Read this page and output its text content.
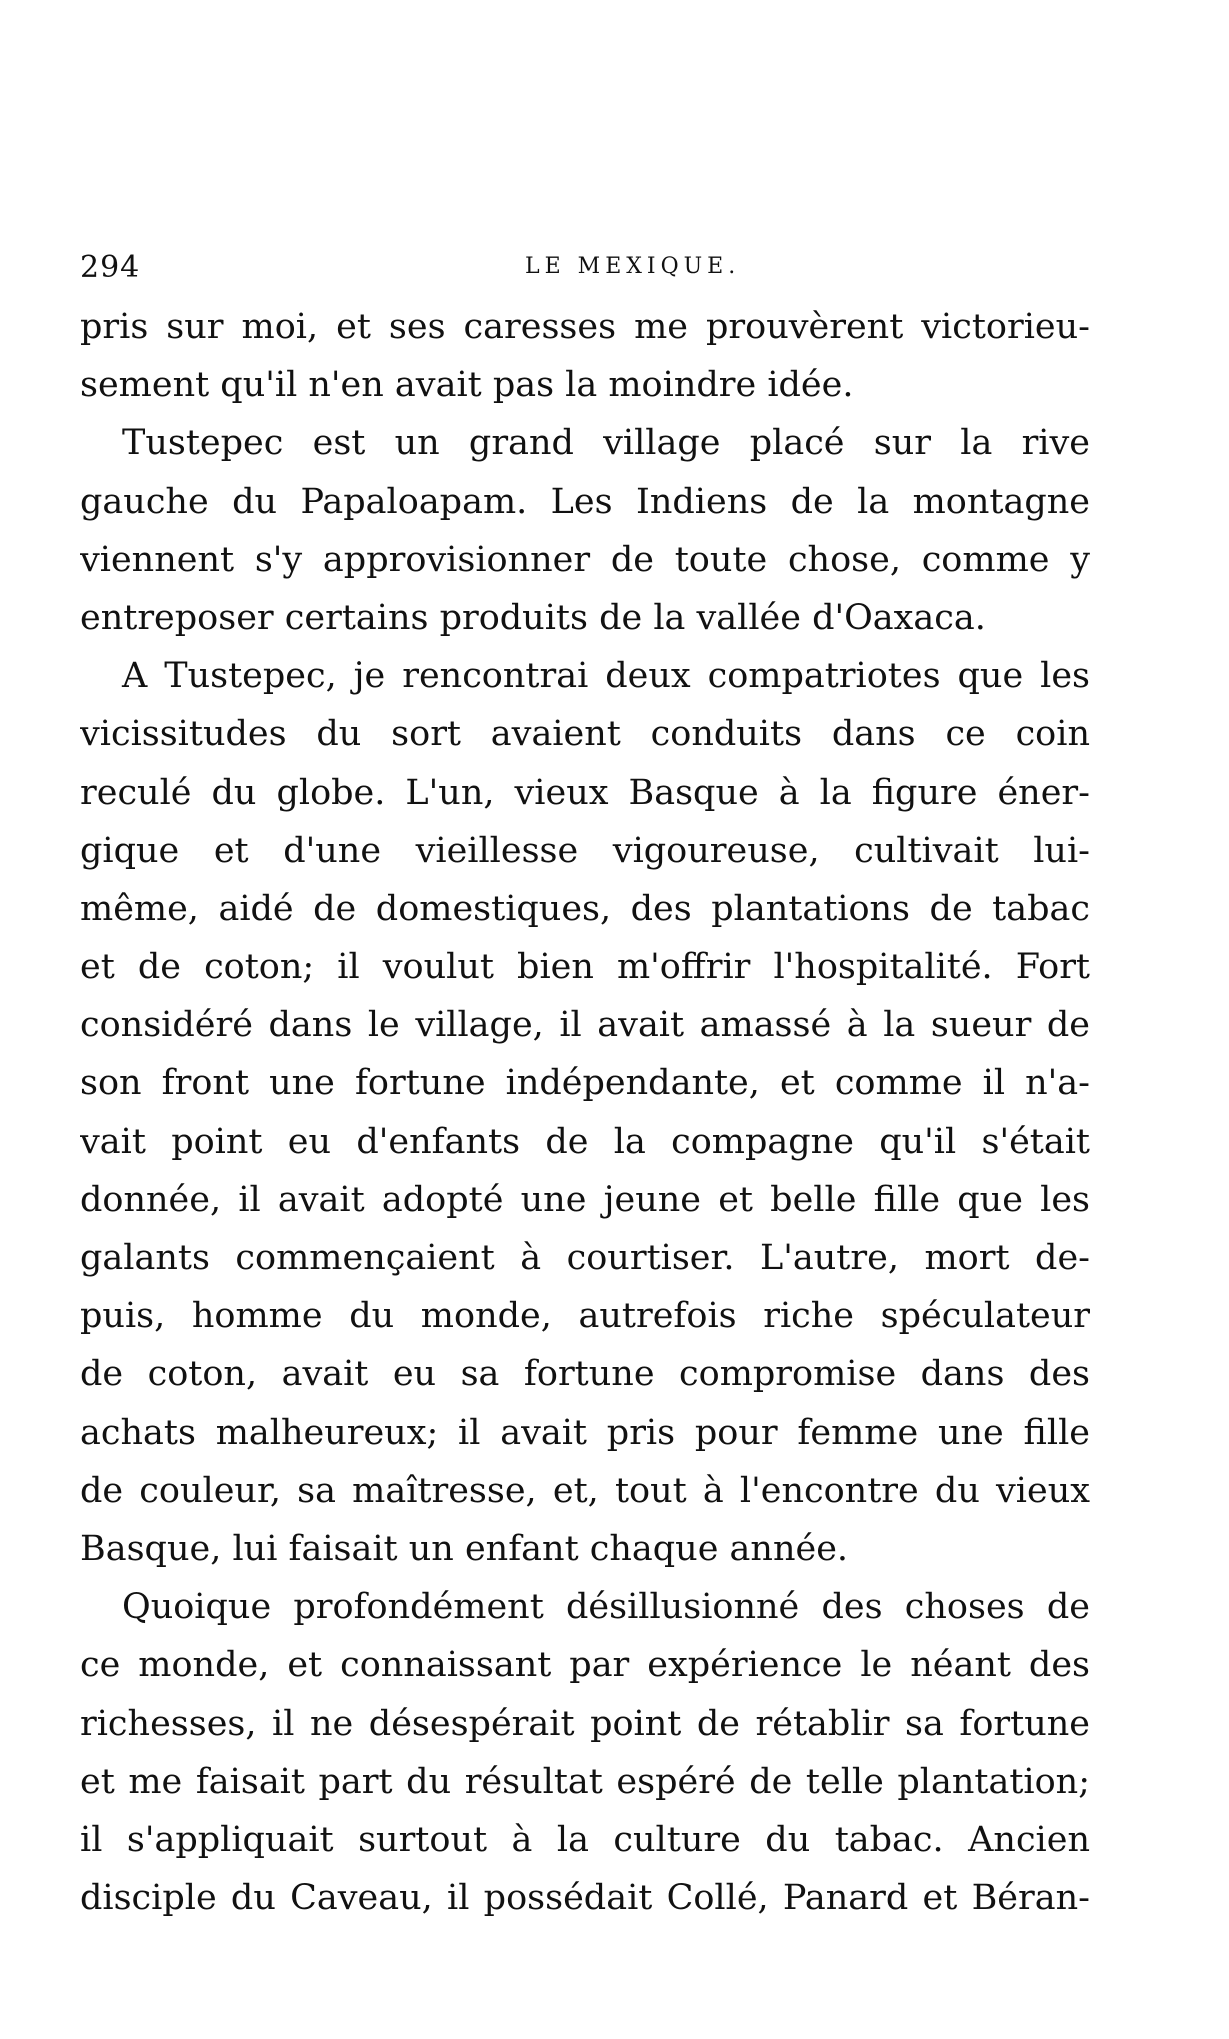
294	LE MEXIQUE.
pris sur moi, et ses caresses me prouvèrent victorieu-
sement qu'il n'en avait pas la moindre idée.
Tustepec est un grand village placé sur la rive
gauche du Papaloapam. Les Indiens de la montagne
viennent s'y approvisionner de toute chose, comme y
entreposer certains produits de la vallée d'Oaxaca.
A Tustepec, je rencontrai deux compatriotes que les
vicissitudes du sort avaient conduits dans ce coin
reculé du globe. L'un, vieux Basque à la figure éner-
gique et d'une vieillesse vigoureuse, cultivait lui-
même, aidé de domestiques, des plantations de tabac
et de coton; il voulut bien m'offrir l'hospitalité. Fort
considéré dans le village, il avait amassé à la sueur de
son front une fortune indépendante, et comme il n'a-
vait point eu d'enfants de la compagne qu'il s'était
donnée, il avait adopté une jeune et belle fille que les
galants commençaient à courtiser. L'autre, mort de-
puis, homme du monde, autrefois riche spéculateur
de coton, avait eu sa fortune compromise dans des
achats malheureux; il avait pris pour femme une fille
de couleur, sa maîtresse, et, tout à l'encontre du vieux
Basque, lui faisait un enfant chaque année.
Quoique profondément désillusionné des choses de
ce monde, et connaissant par expérience le néant des
richesses, il ne désespérait point de rétablir sa fortune
et me faisait part du résultat espéré de telle plantation;
il s'appliquait surtout à la culture du tabac. Ancien
disciple du Caveau, il possédait Collé, Panard et Béran-
